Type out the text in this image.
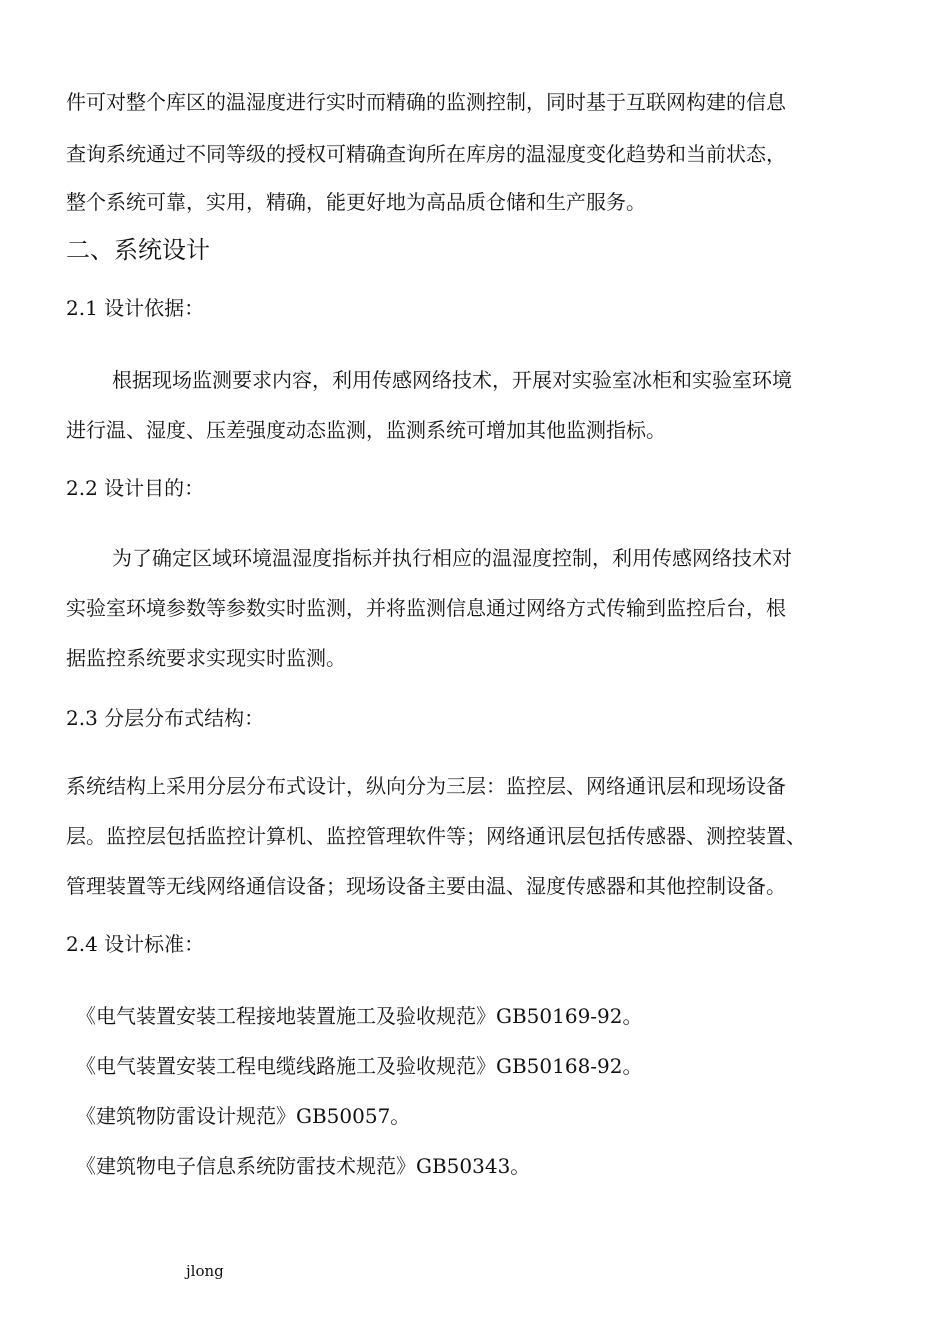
件可对整个库区的温湿度进行实时而精确的监测控制，同时基于互联网构建的信息
查询系统通过不同等级的授权可精确查询所在库房的温湿度变化趋势和当前状态，
整个系统可靠，实用，精确，能更好地为高品质仓储和生产服务。
二、系统设计
2.1 设计依据：
根据现场监测要求内容，利用传感网络技术，开展对实验室冰柜和实验室环境
进行温、湿度、压差强度动态监测，监测系统可增加其他监测指标。
2.2 设计目的：
为了确定区域环境温湿度指标并执行相应的温湿度控制，利用传感网络技术对
实验室环境参数等参数实时监测，并将监测信息通过网络方式传输到监控后台，根
据监控系统要求实现实时监测。
2.3 分层分布式结构：
系统结构上采用分层分布式设计，纵向分为三层：监控层、网络通讯层和现场设备
层。监控层包括监控计算机、监控管理软件等；网络通讯层包括传感器、测控装置、
管理装置等无线网络通信设备；现场设备主要由温、湿度传感器和其他控制设备。
2.4 设计标准：
《电气装置安装工程接地装置施工及验收规范》GB50169-92。
《电气装置安装工程电缆线路施工及验收规范》GB50168-92。
《建筑物防雷设计规范》GB50057。
《建筑物电子信息系统防雷技术规范》GB50343。
jlong
